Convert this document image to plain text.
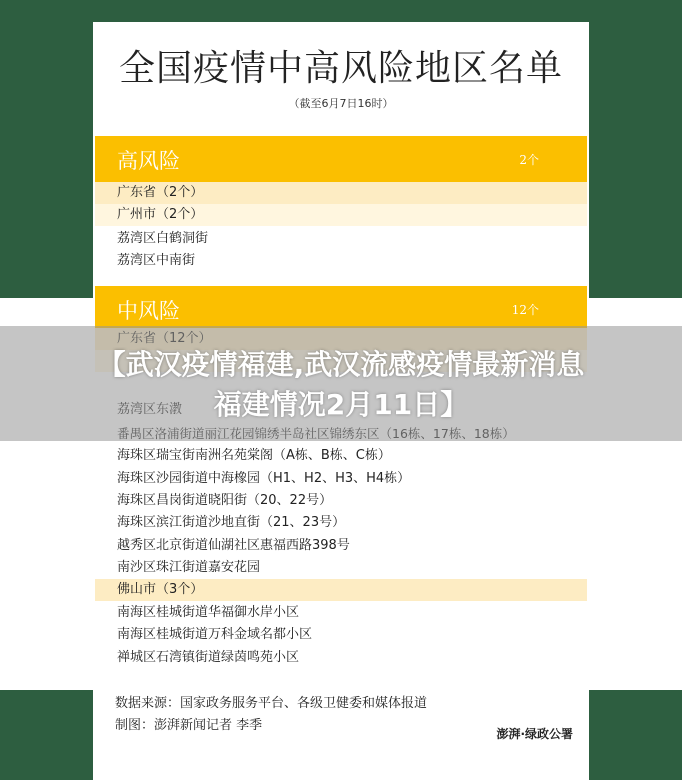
全国疫情中高风险地区名单
（截至6月7日16时）
高风险	2个
广东省（2个）
广州市（2个）
荔湾区白鹤洞街
荔湾区中南街
中风险	12个
海珠区瑞宝街南洲名苑棠阁（A栋、B栋、C栋）
海珠区沙园街道中海橡园（H1、H2、H3、H4栋）
海珠区昌岗街道晓阳街（20、22号）
海珠区滨江街道沙地直街（21、23号）
越秀区北京街道仙湖社区惠福西路398号
南沙区珠江街道嘉安花园
佛山市（3个）
南海区桂城街道华福御水岸小区
南海区桂城街道万科金域名都小区
禅城区石湾镇街道绿茵鸣苑小区
数据来源：国家政务服务平台、各级卫健委和媒体报道
制图：澎湃新闻记者 李季
澎湃·绿政公署
【武汉疫情福建,武汉流感疫情最新消息
福建情况2月11日】
